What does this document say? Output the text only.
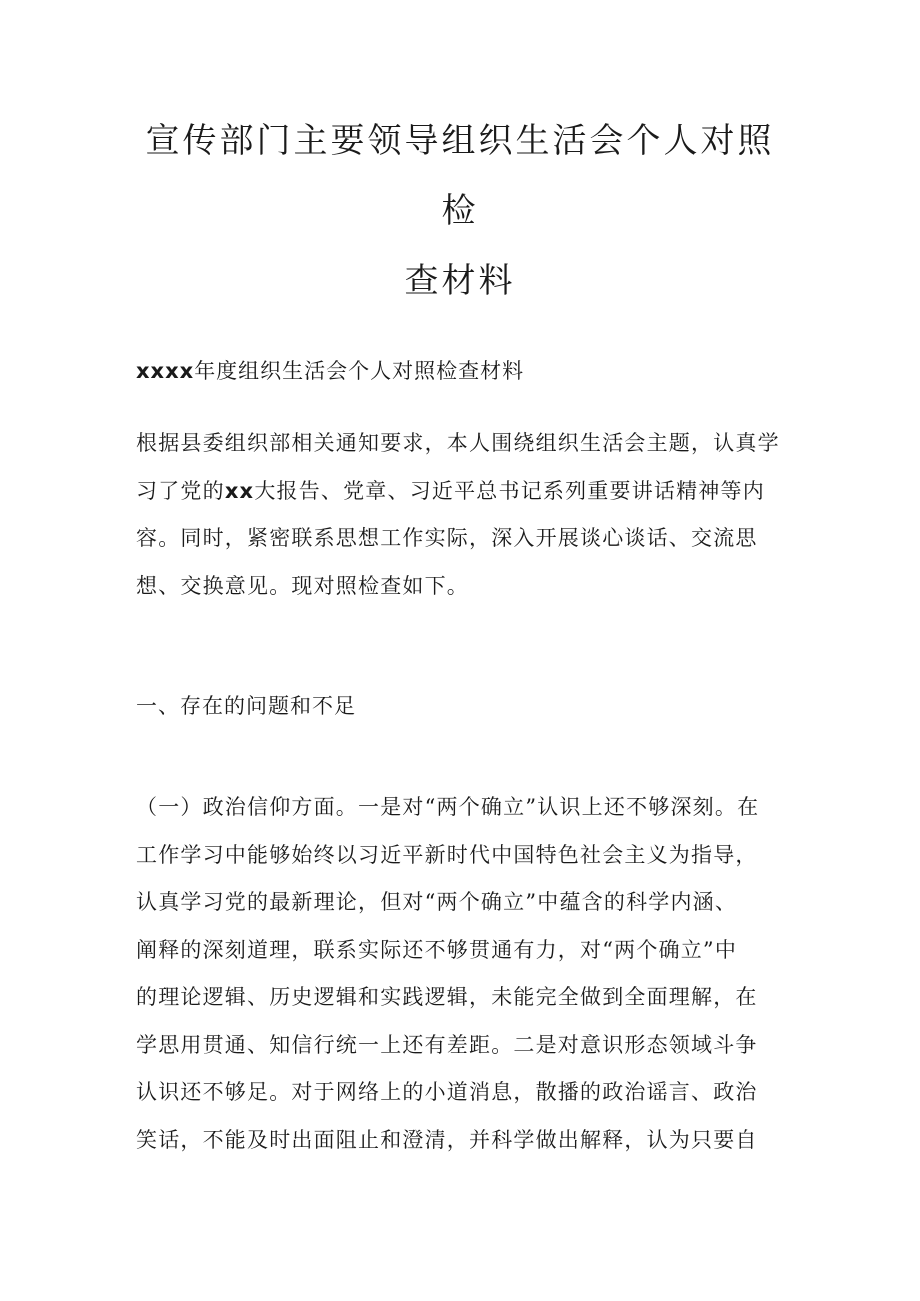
宣传部门主要领导组织生活会个人对照检
查材料

xxxx年度组织生活会个人对照检查材料

根据县委组织部相关通知要求，本人围绕组织生活会主题，认真学
习了党的xx大报告、党章、习近平总书记系列重要讲话精神等内
容。同时，紧密联系思想工作实际，深入开展谈心谈话、交流思
想、交换意见。现对照检查如下。

一、存在的问题和不足

（一）政治信仰方面。一是对“两个确立”认识上还不够深刻。在
工作学习中能够始终以习近平新时代中国特色社会主义为指导，
认真学习党的最新理论，但对“两个确立”中蕴含的科学内涵、
阐释的深刻道理，联系实际还不够贯通有力，对“两个确立”中
的理论逻辑、历史逻辑和实践逻辑，未能完全做到全面理解，在
学思用贯通、知信行统一上还有差距。二是对意识形态领域斗争
认识还不够足。对于网络上的小道消息，散播的政治谣言、政治
笑话，不能及时出面阻止和澄清，并科学做出解释，认为只要自
